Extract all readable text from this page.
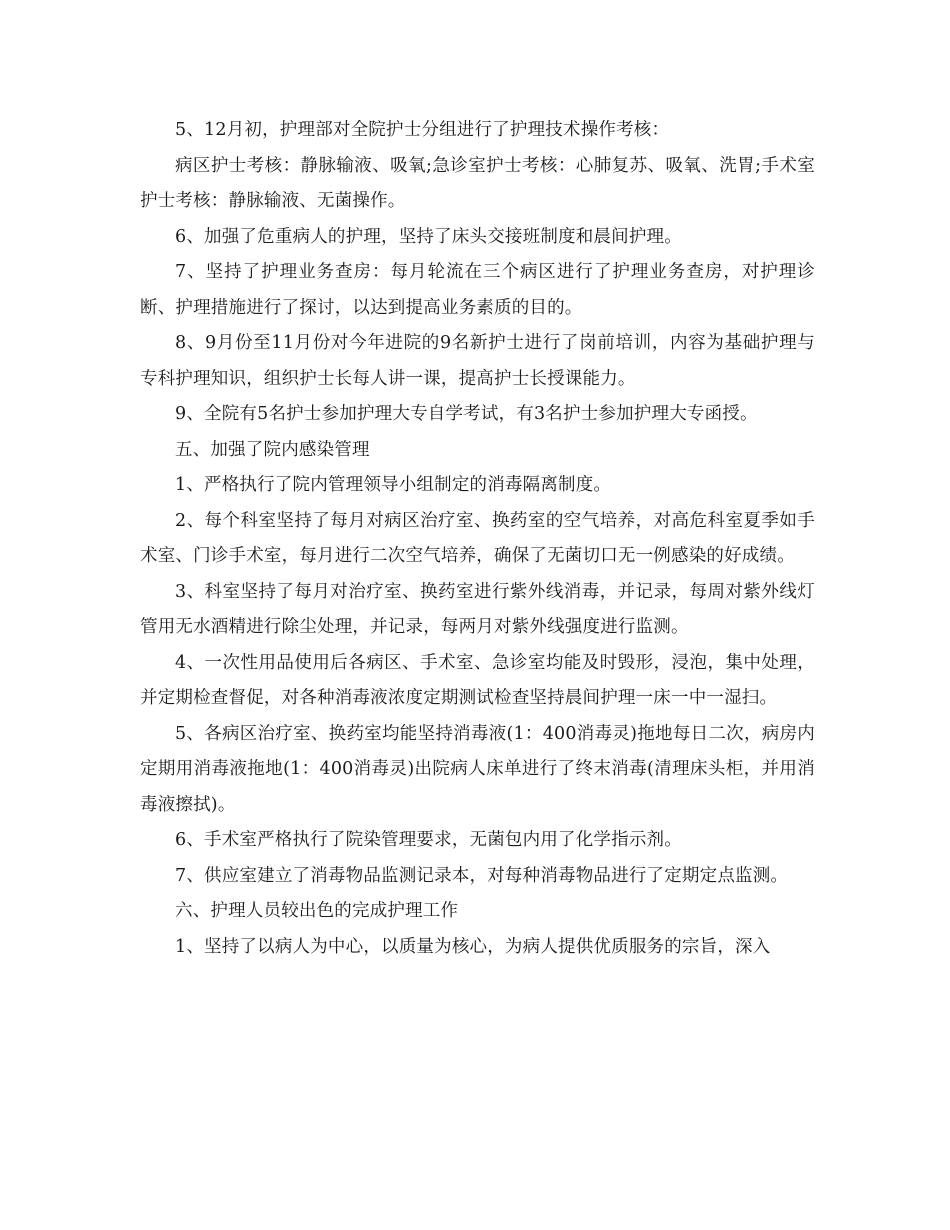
5、12月初，护理部对全院护士分组进行了护理技术操作考核：

病区护士考核：静脉输液、吸氧;急诊室护士考核：心肺复苏、吸氧、洗胃;手术室护士考核：静脉输液、无菌操作。

6、加强了危重病人的护理，坚持了床头交接班制度和晨间护理。

7、坚持了护理业务查房：每月轮流在三个病区进行了护理业务查房，对护理诊断、护理措施进行了探讨，以达到提高业务素质的目的。

8、9月份至11月份对今年进院的9名新护士进行了岗前培训，内容为基础护理与专科护理知识，组织护士长每人讲一课，提高护士长授课能力。

9、全院有5名护士参加护理大专自学考试，有3名护士参加护理大专函授。

五、加强了院内感染管理

1、严格执行了院内管理领导小组制定的消毒隔离制度。

2、每个科室坚持了每月对病区治疗室、换药室的空气培养，对高危科室夏季如手术室、门诊手术室，每月进行二次空气培养，确保了无菌切口无一例感染的好成绩。

3、科室坚持了每月对治疗室、换药室进行紫外线消毒，并记录，每周对紫外线灯管用无水酒精进行除尘处理，并记录，每两月对紫外线强度进行监测。

4、一次性用品使用后各病区、手术室、急诊室均能及时毁形，浸泡，集中处理，并定期检查督促，对各种消毒液浓度定期测试检查坚持晨间护理一床一中一湿扫。

5、各病区治疗室、换药室均能坚持消毒液(1：400消毒灵)拖地每日二次，病房内定期用消毒液拖地(1：400消毒灵)出院病人床单进行了终末消毒(清理床头柜，并用消毒液擦拭)。

6、手术室严格执行了院染管理要求，无菌包内用了化学指示剂。

7、供应室建立了消毒物品监测记录本，对每种消毒物品进行了定期定点监测。

六、护理人员较出色的完成护理工作

1、坚持了以病人为中心，以质量为核心，为病人提供优质服务的宗旨，深入
